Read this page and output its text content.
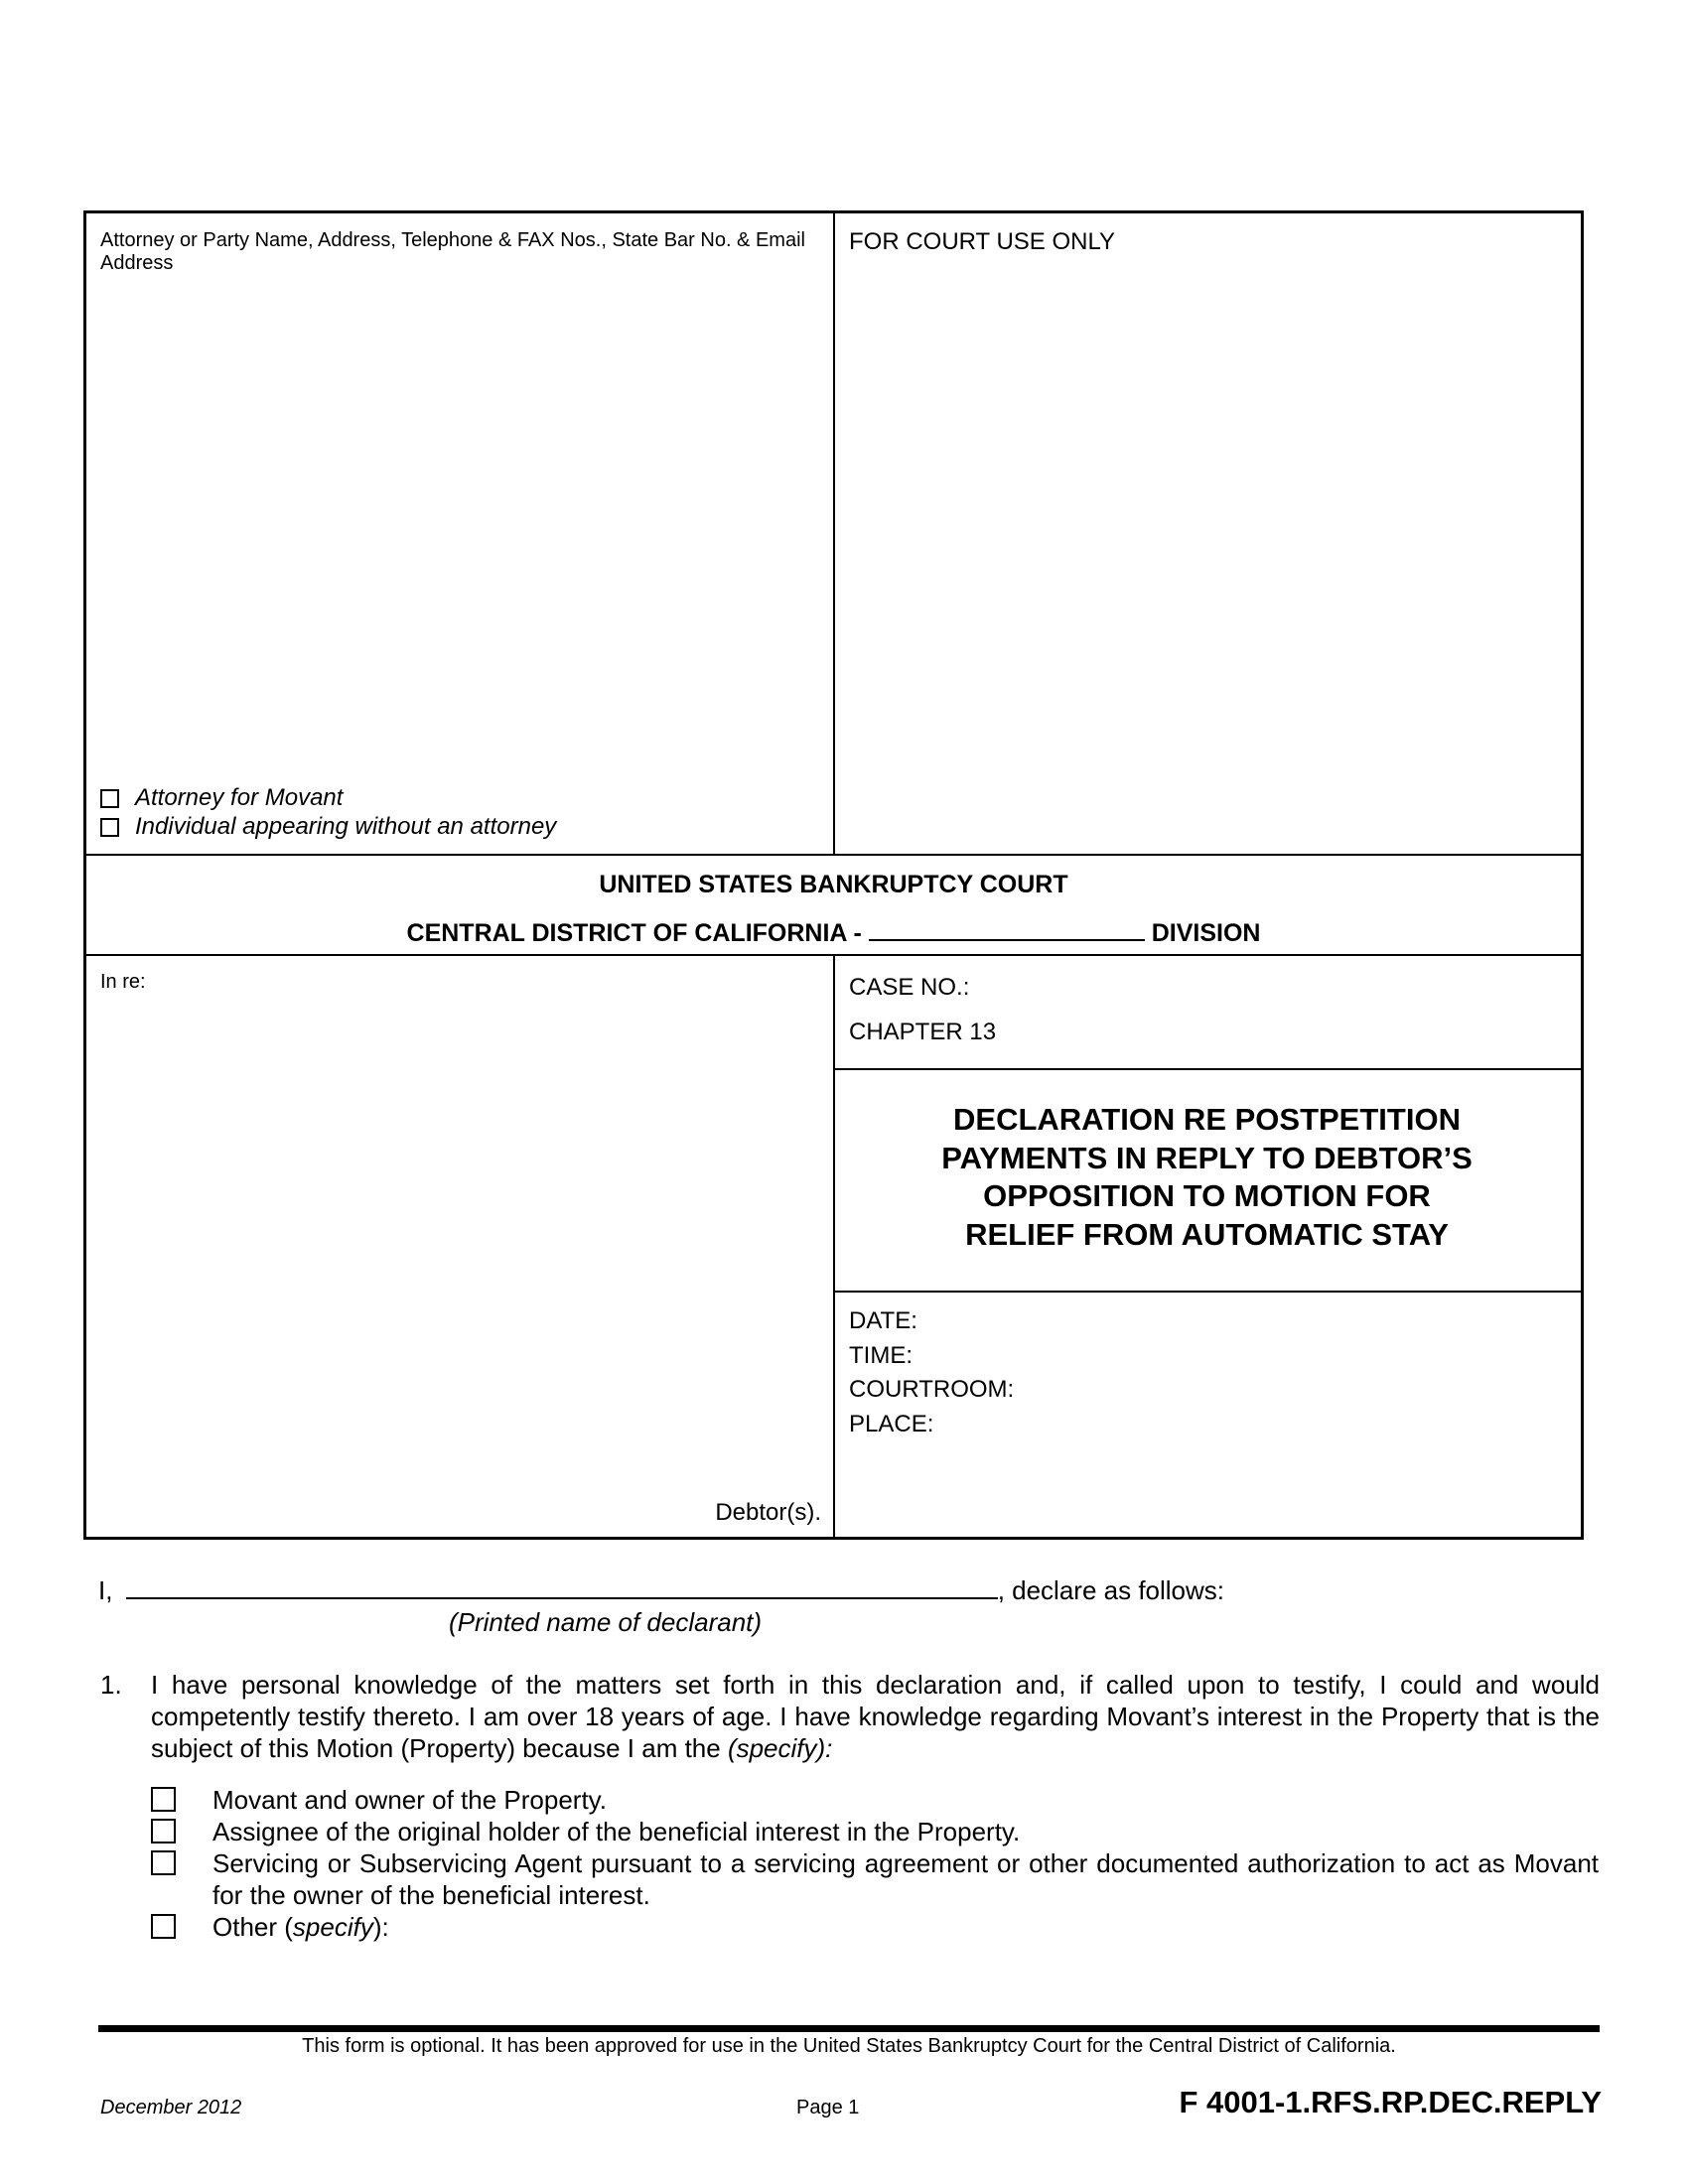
Attorney or Party Name, Address, Telephone & FAX Nos., State Bar No. & Email Address
Attorney for Movant
Individual appearing without an attorney
FOR COURT USE ONLY
UNITED STATES BANKRUPTCY COURT
CENTRAL DISTRICT OF CALIFORNIA -	DIVISION
In re:
Debtor(s).
CASE NO.:
CHAPTER 13
DECLARATION RE POSTPETITION
PAYMENTS IN REPLY TO DEBTOR’S
OPPOSITION TO MOTION FOR
RELIEF FROM AUTOMATIC STAY
DATE:
TIME:
COURTROOM:
PLACE:
I,	, declare as follows:
(Printed name of declarant)
1. I have personal knowledge of the matters set forth in this declaration and, if called upon to testify, I could and would competently testify thereto. I am over 18 years of age. I have knowledge regarding Movant’s interest in the Property that is the subject of this Motion (Property) because I am the (specify):
Movant and owner of the Property.
Assignee of the original holder of the beneficial interest in the Property.
Servicing or Subservicing Agent pursuant to a servicing agreement or other documented authorization to act as Movant for the owner of the beneficial interest.
Other (specify):
This form is optional. It has been approved for use in the United States Bankruptcy Court for the Central District of California.
December 2012	Page 1	F 4001-1.RFS.RP.DEC.REPLY
